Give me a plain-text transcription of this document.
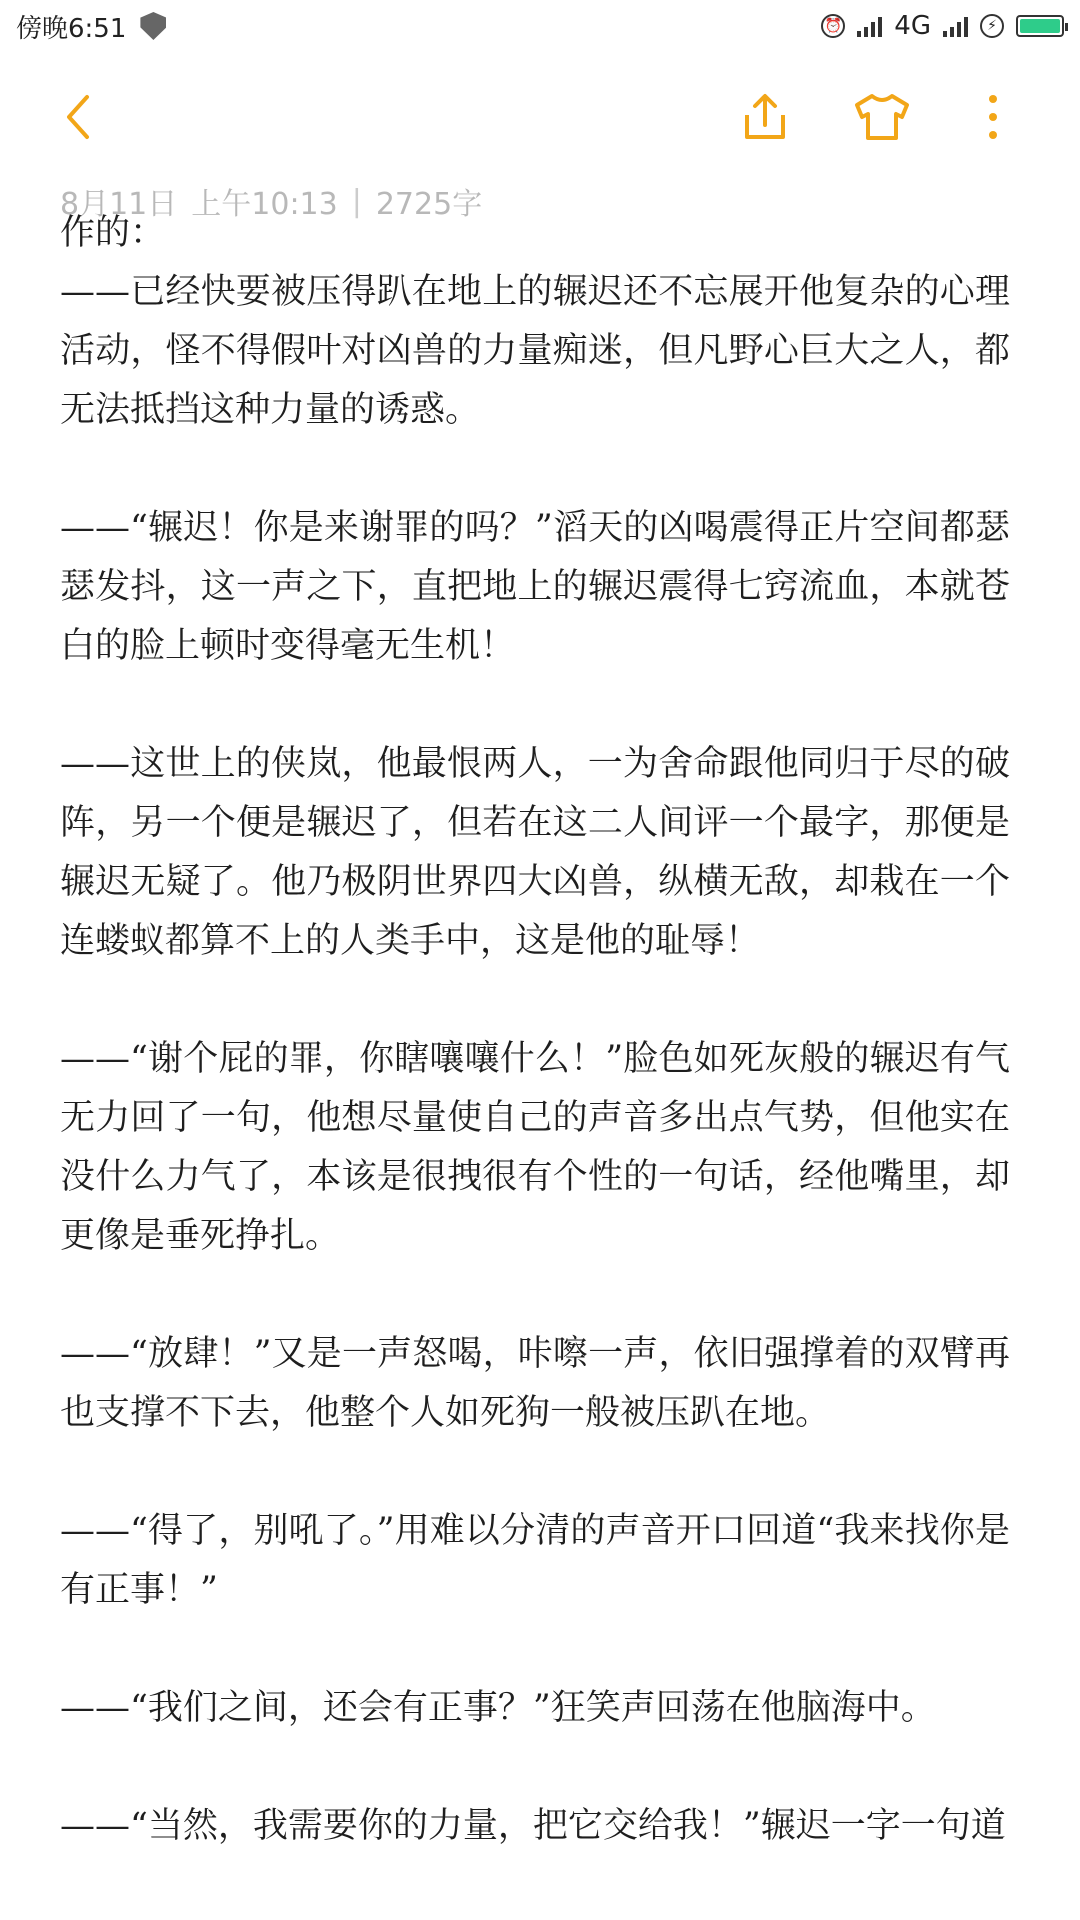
傍晚6:51	⏰ 4G	⚡
8月11日 上午10:13 | 2725字
作的：

——已经快要被压得趴在地上的辗迟还不忘展开他复杂的心理活动，怪不得假叶对凶兽的力量痴迷，但凡野心巨大之人，都无法抵挡这种力量的诱惑。

——“辗迟！你是来谢罪的吗？”滔天的凶喝震得正片空间都瑟瑟发抖，这一声之下，直把地上的辗迟震得七窍流血，本就苍白的脸上顿时变得毫无生机！

——这世上的侠岚，他最恨两人，一为舍命跟他同归于尽的破阵，另一个便是辗迟了，但若在这二人间评一个最字，那便是辗迟无疑了。他乃极阴世界四大凶兽，纵横无敌，却栽在一个连蝼蚁都算不上的人类手中，这是他的耻辱！

——“谢个屁的罪，你瞎嚷嚷什么！”脸色如死灰般的辗迟有气无力回了一句，他想尽量使自己的声音多出点气势，但他实在没什么力气了，本该是很拽很有个性的一句话，经他嘴里，却更像是垂死挣扎。

——“放肆！”又是一声怒喝，咔嚓一声，依旧强撑着的双臂再也支撑不下去，他整个人如死狗一般被压趴在地。

——“得了，别吼了。”用难以分清的声音开口回道“我来找你是有正事！”

——“我们之间，还会有正事？”狂笑声回荡在他脑海中。

——“当然，我需要你的力量，把它交给我！”辗迟一字一句道
